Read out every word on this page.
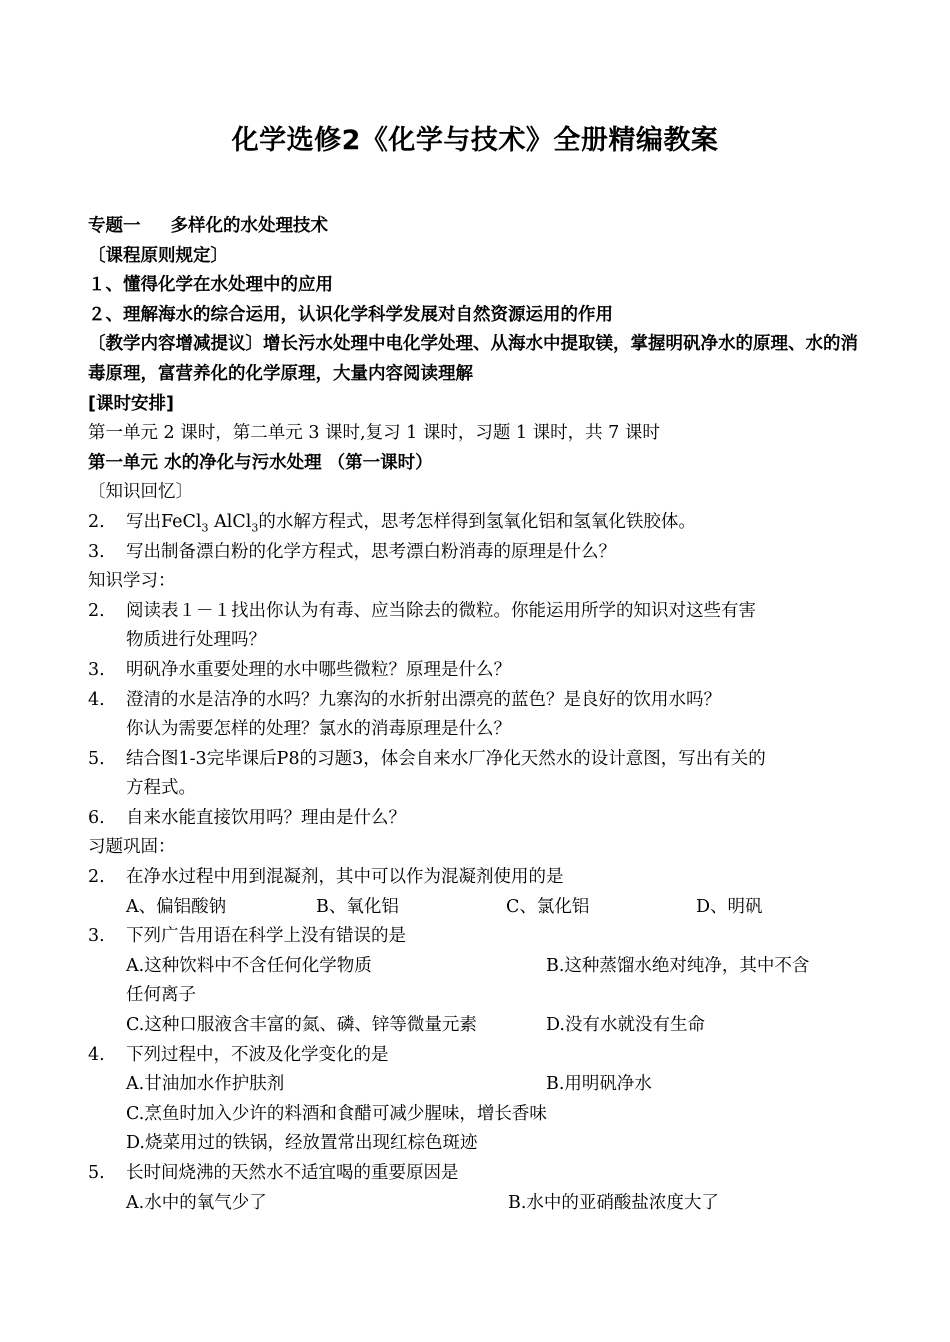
化学选修2《化学与技术》全册精编教案
专题一 多样化的水处理技术
〔课程原则规定〕
１、懂得化学在水处理中的应用
２、理解海水的综合运用，认识化学科学发展对自然资源运用的作用
〔教学内容增减提议〕增长污水处理中电化学处理、从海水中提取镁，掌握明矾净水的原理、水的消毒原理，富营养化的化学原理，大量内容阅读理解
[课时安排]
第一单元 2 课时，第二单元 3 课时,复习 1 课时，习题 1 课时，共 7 课时
第一单元 水的净化与污水处理 （第一课时）
〔知识回忆〕
2.	写出FeCl$_3$ AlCl$_3$的水解方程式，思考怎样得到氢氧化铝和氢氧化铁胶体。
3.	写出制备漂白粉的化学方程式，思考漂白粉消毒的原理是什么？
知识学习：
2.	阅读表１－１找出你认为有毒、应当除去的微粒。你能运用所学的知识对这些有害
物质进行处理吗？
3.	明矾净水重要处理的水中哪些微粒？原理是什么？
4.	澄清的水是洁净的水吗？九寨沟的水折射出漂亮的蓝色？是良好的饮用水吗？
你认为需要怎样的处理？氯水的消毒原理是什么？
5.	结合图1-3完毕课后P8的习题3，体会自来水厂净化天然水的设计意图，写出有关的
方程式。
6.	自来水能直接饮用吗？理由是什么？
习题巩固：
2.	在净水过程中用到混凝剂，其中可以作为混凝剂使用的是
A、偏铝酸钠	B、氧化铝	C、氯化铝	D、明矾
3.	下列广告用语在科学上没有错误的是
A.这种饮料中不含任何化学物质	B.这种蒸馏水绝对纯净，其中不含
任何离子
C.这种口服液含丰富的氮、磷、锌等微量元素	D.没有水就没有生命
4.	下列过程中，不波及化学变化的是
A.甘油加水作护肤剂	B.用明矾净水
C.烹鱼时加入少许的料酒和食醋可减少腥味，增长香味
D.烧菜用过的铁锅，经放置常出现红棕色斑迹
5.	长时间烧沸的天然水不适宜喝的重要原因是
A.水中的氧气少了	B.水中的亚硝酸盐浓度大了
